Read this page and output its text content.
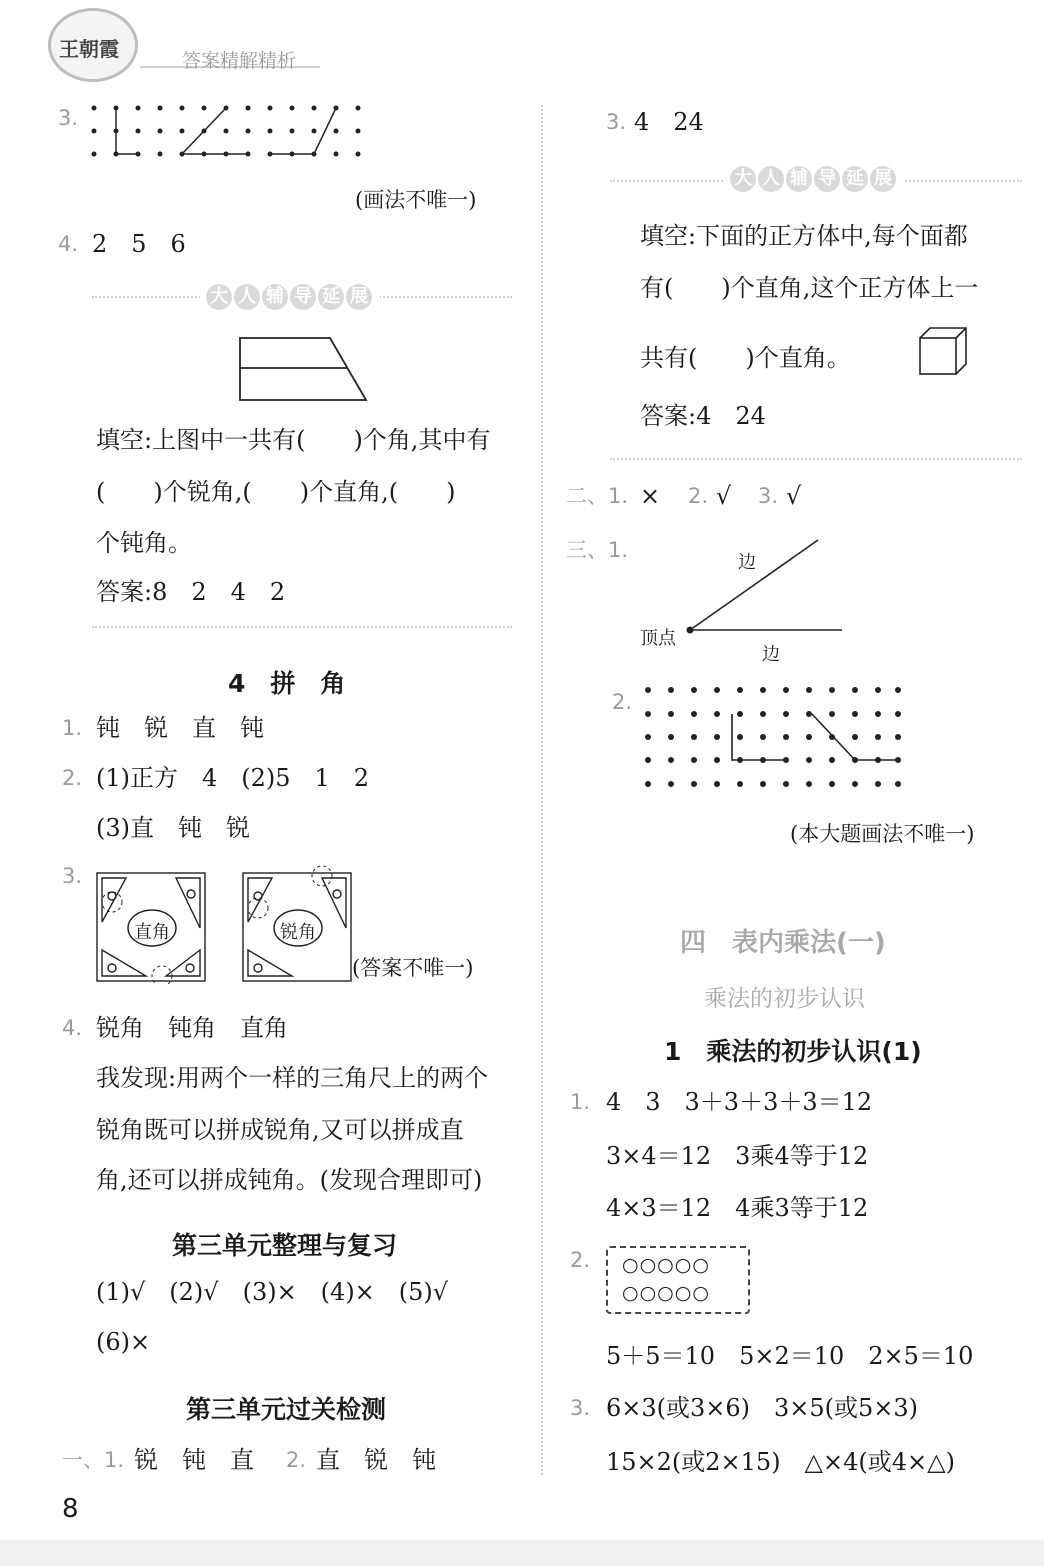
王朝霞	答案精解精析
3.
(画法不唯一)
4. 2　5　6
大 人 辅 导 延 展
填空:上图中一共有(　　)个角,其中有
(　　)个锐角,(　　)个直角,(　　)
个钝角。
答案:8　2　4　2
4　拼　角
1. 钝　锐　直　钝
2. (1)正方　4　(2)5　1　2
(3)直　钝　锐
3.
直角	锐角
(答案不唯一)
4. 锐角　钝角　直角
我发现:用两个一样的三角尺上的两个
锐角既可以拼成锐角,又可以拼成直
角,还可以拼成钝角。(发现合理即可)
第三单元整理与复习
(1)√　(2)√　(3)×　(4)×　(5)√
(6)×
第三单元过关检测
一、1. 锐　钝　直 2. 直　锐　钝
8
3. 4　24
大 人 辅 导 延 展
填空:下面的正方体中,每个面都
有(　　)个直角,这个正方体上一
共有(　　)个直角。
答案:4　24
二、1. × 2. √ 3. √
三、1.
边
顶点
边
2.
(本大题画法不唯一)
四　表内乘法(一)
乘法的初步认识
1　乘法的初步认识(1)
1. 4　3　3＋3＋3＋3＝12
3×4＝12　3乘4等于12
4×3＝12　4乘3等于12
2. ○○○○○
○○○○○
5＋5＝10　5×2＝10　2×5＝10
3. 6×3(或3×6)　3×5(或5×3)
15×2(或2×15)　△×4(或4×△)
